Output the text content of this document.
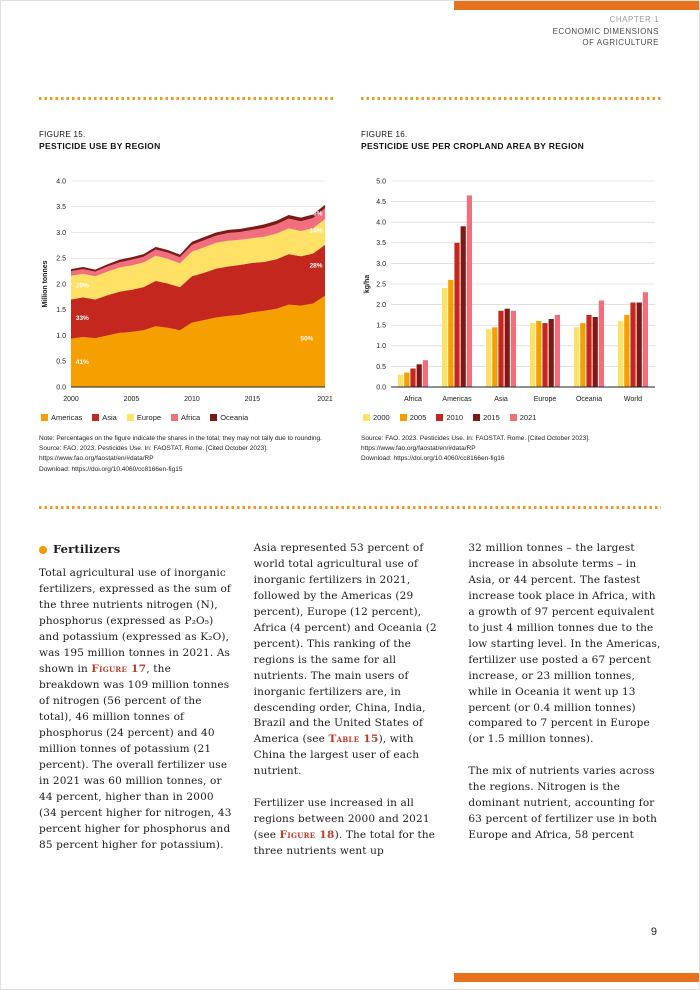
CHAPTER 1
ECONOMIC DIMENSIONS
OF AGRICULTURE
FIGURE 15.
PESTICIDE USE BY REGION
0.0
0.5
1.0
1.5
2.0
2.5
3.0
3.5
4.0
2000	2005	2010	2015	2021
41%
33%
20%
50%
28%
14%
6%
Million tonnes
Americas	Asia	Europe	Africa	Oceania
Note: Percentages on the figure indicate the shares in the total; they may not tally due to rounding.
Source: FAO. 2023. Pesticides Use. In: FAOSTAT. Rome. [Cited October 2023].
https://www.fao.org/faostat/en/#data/RP
Download: https://doi.org/10.4060/cc8166en-fig15
FIGURE 16.
PESTICIDE USE PER CROPLAND AREA BY REGION
0.0
0.5
1.0
1.5
2.0
2.5
3.0
3.5
4.0
4.5
5.0
Africa	Americas	Asia	Europe	Oceania	World
kg/ha
2000	2005	2010	2015	2021
Source: FAO. 2023. Pesticides Use. In: FAOSTAT. Rome. [Cited October 2023].
https://www.fao.org/faostat/en/#data/RP
Download: https://doi.org/10.4060/cc8166en-fig16
Fertilizers

Total agricultural use of inorganic fertilizers, expressed as the sum of the three nutrients nitrogen (N), phosphorus (expressed as P₂O₅) and potassium (expressed as K₂O), was 195 million tonnes in 2021. As shown in Figure 17, the breakdown was 109 million tonnes of nitrogen (56 percent of the total), 46 million tonnes of phosphorus (24 percent) and 40 million tonnes of potassium (21 percent). The overall fertilizer use in 2021 was 60 million tonnes, or 44 percent, higher than in 2000 (34 percent higher for nitrogen, 43 percent higher for phosphorus and 85 percent higher for potassium).

Asia represented 53 percent of world total agricultural use of inorganic fertilizers in 2021, followed by the Americas (29 percent), Europe (12 percent), Africa (4 percent) and Oceania (2 percent). This ranking of the regions is the same for all nutrients. The main users of inorganic fertilizers are, in descending order, China, India, Brazil and the United States of America (see Table 15), with China the largest user of each nutrient.

Fertilizer use increased in all regions between 2000 and 2021 (see Figure 18). The total for the three nutrients went up

32 million tonnes – the largest increase in absolute terms – in Asia, or 44 percent. The fastest increase took place in Africa, with a growth of 97 percent equivalent to just 4 million tonnes due to the low starting level. In the Americas, fertilizer use posted a 67 percent increase, or 23 million tonnes, while in Oceania it went up 13 percent (or 0.4 million tonnes) compared to 7 percent in Europe (or 1.5 million tonnes).

The mix of nutrients varies across the regions. Nitrogen is the dominant nutrient, accounting for 63 percent of fertilizer use in both Europe and Africa, 58 percent

9
